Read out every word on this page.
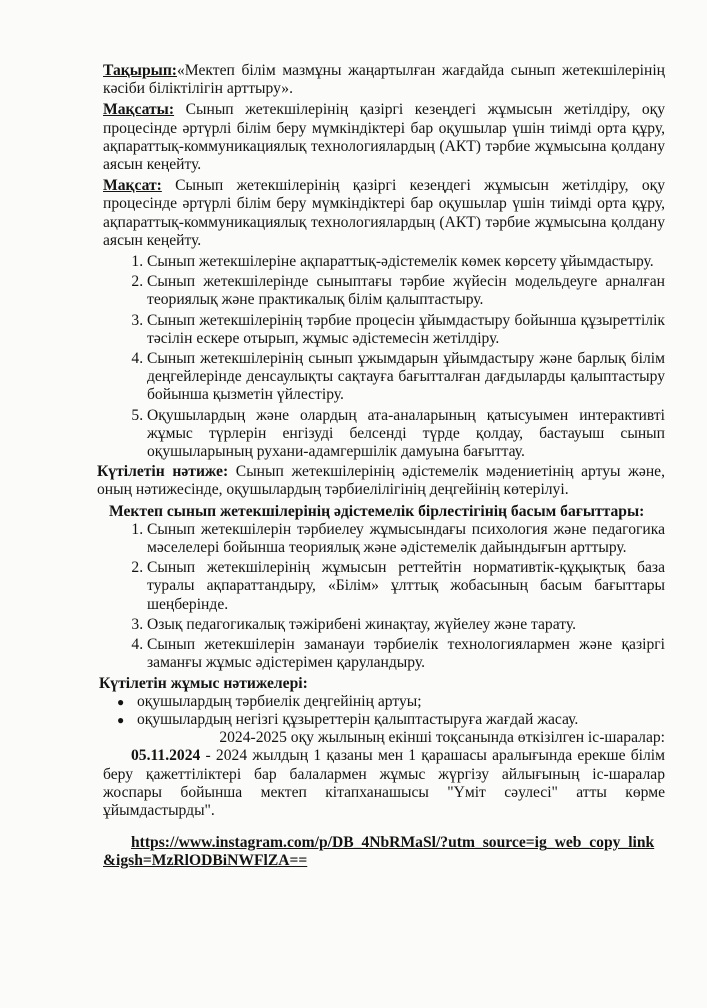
Тақырып:«Мектеп білім мазмұны жаңартылған жағдайда сынып жетекшілерінің кәсіби біліктілігін арттыру».

Мақсаты: Сынып жетекшілерінің қазіргі кезеңдегі жұмысын жетілдіру, оқу процесінде әртүрлі білім беру мүмкіндіктері бар оқушылар үшін тиімді орта құру, ақпараттық-коммуникациялық технологиялардың (АКТ) тәрбие жұмысына қолдану аясын кеңейту.

Мақсат: Сынып жетекшілерінің қазіргі кезеңдегі жұмысын жетілдіру, оқу процесінде әртүрлі білім беру мүмкіндіктері бар оқушылар үшін тиімді орта құру, ақпараттық-коммуникациялық технологиялардың (АКТ) тәрбие жұмысына қолдану аясын кеңейту.

1. Сынып жетекшілеріне ақпараттық-әдістемелік көмек көрсету ұйымдастыру.
2. Сынып жетекшілерінде сыныптағы тәрбие жүйесін модельдеуге арналған теориялық және практикалық білім қалыптастыру.
3. Сынып жетекшілерінің тәрбие процесін ұйымдастыру бойынша құзыреттілік тәсілін ескере отырып, жұмыс әдістемесін жетілдіру.
4. Сынып жетекшілерінің сынып ұжымдарын ұйымдастыру және барлық білім деңгейлерінде денсаулықты сақтауға бағытталған дағдыларды қалыптастыру бойынша қызметін үйлестіру.
5. Оқушылардың және олардың ата-аналарының қатысуымен интерактивті жұмыс түрлерін енгізуді белсенді түрде қолдау, бастауыш сынып оқушыларының рухани-адамгершілік дамуына бағыттау.

Күтілетін нәтиже: Сынып жетекшілерінің әдістемелік мәдениетінің артуы және, оның нәтижесінде, оқушылардың тәрбиелілігінің деңгейінің көтерілуі.

Мектеп сынып жетекшілерінің әдістемелік бірлестігінің басым бағыттары:

1. Сынып жетекшілерін тәрбиелеу жұмысындағы психология және педагогика мәселелері бойынша теориялық және әдістемелік дайындығын арттыру.
2. Сынып жетекшілерінің жұмысын реттейтін нормативтік-құқықтық база туралы ақпараттандыру, «Білім» ұлттық жобасының басым бағыттары шеңберінде.
3. Озық педагогикалық тәжірибені жинақтау, жүйелеу және тарату.
4. Сынып жетекшілерін заманауи тәрбиелік технологиялармен және қазіргі заманғы жұмыс әдістерімен қаруландыру.

Күтілетін жұмыс нәтижелері:

● оқушылардың тәрбиелік деңгейінің артуы;
● оқушылардың негізгі құзыреттерін қалыптастыруға жағдай жасау.

2024-2025 оқу жылының екінші тоқсанында өткізілген іс-шаралар:

05.11.2024 - 2024 жылдың 1 қазаны мен 1 қарашасы аралығында ерекше білім беру қажеттіліктері бар балалармен жұмыс жүргізу айлығының іс-шаралар жоспары бойынша мектеп кітапханашысы "Үміт сәулесі" атты көрме ұйымдастырды".

https://www.instagram.com/p/DB_4NbRMaSl/?utm_source=ig_web_copy_link&igsh=MzRlODBiNWFlZA==
